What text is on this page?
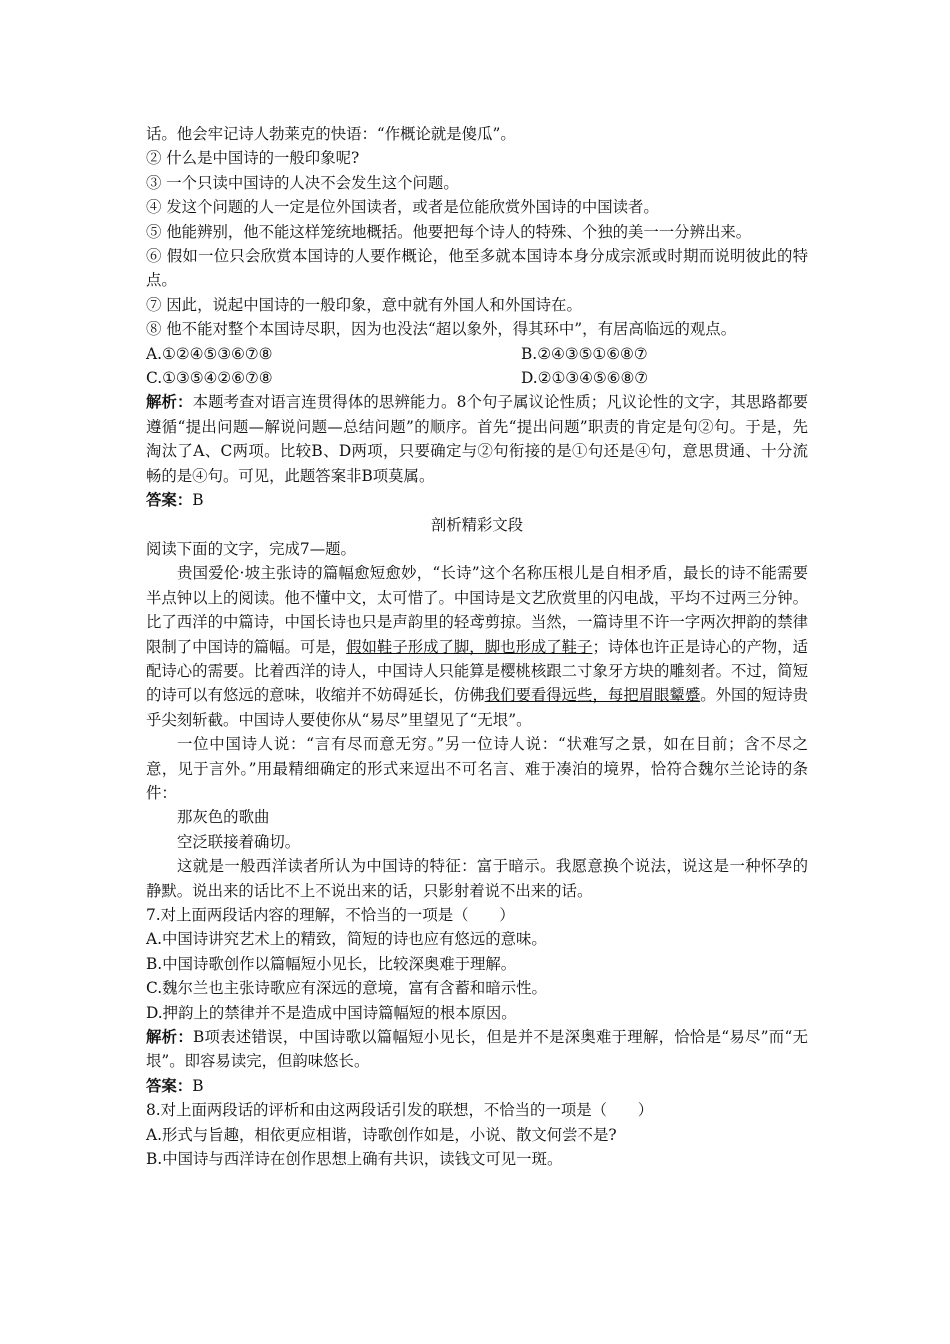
话。他会牢记诗人勃莱克的快语：“作概论就是傻瓜”。

② 什么是中国诗的一般印象呢?

③ 一个只读中国诗的人决不会发生这个问题。

④ 发这个问题的人一定是位外国读者，或者是位能欣赏外国诗的中国读者。

⑤ 他能辨别，他不能这样笼统地概括。他要把每个诗人的特殊、个独的美一一分辨出来。

⑥ 假如一位只会欣赏本国诗的人要作概论，他至多就本国诗本身分成宗派或时期而说明彼此的特点。

⑦ 因此，说起中国诗的一般印象，意中就有外国人和外国诗在。

⑧ 他不能对整个本国诗尽职，因为也没法“超以象外，得其环中”，有居高临远的观点。

A.①②④⑤③⑥⑦⑧	B.②④③⑤①⑥⑧⑦
C.①③⑤④②⑥⑦⑧	D.②①③④⑤⑥⑧⑦

解析：本题考查对语言连贯得体的思辨能力。8个句子属议论性质；凡议论性的文字，其思路都要遵循“提出问题—解说问题—总结问题”的顺序。首先“提出问题”职责的肯定是句②句。于是，先淘汰了A、C两项。比较B、D两项，只要确定与②句衔接的是①句还是④句，意思贯通、十分流畅的是④句。可见，此题答案非B项莫属。

答案：B

剖析精彩文段

阅读下面的文字，完成7—题。

贵国爱伦·坡主张诗的篇幅愈短愈妙，“长诗”这个名称压根儿是自相矛盾，最长的诗不能需要半点钟以上的阅读。他不懂中文，太可惜了。中国诗是文艺欣赏里的闪电战，平均不过两三分钟。比了西洋的中篇诗，中国长诗也只是声韵里的轻鸢剪掠。当然，一篇诗里不许一字两次押韵的禁律限制了中国诗的篇幅。可是，假如鞋子形成了脚，脚也形成了鞋子；诗体也许正是诗心的产物，适配诗心的需要。比着西洋的诗人，中国诗人只能算是樱桃核跟二寸象牙方块的雕刻者。不过，简短的诗可以有悠远的意味，收缩并不妨碍延长，仿佛我们要看得远些，每把眉眼颦蹙。外国的短诗贵乎尖刻斩截。中国诗人要使你从“易尽”里望见了“无垠”。

一位中国诗人说：“言有尽而意无穷。”另一位诗人说：“状难写之景，如在目前；含不尽之意，见于言外。”用最精细确定的形式来逗出不可名言、难于凑泊的境界，恰符合魏尔兰论诗的条件：

那灰色的歌曲

空泛联接着确切。

这就是一般西洋读者所认为中国诗的特征：富于暗示。我愿意换个说法，说这是一种怀孕的静默。说出来的话比不上不说出来的话，只影射着说不出来的话。

7.对上面两段话内容的理解，不恰当的一项是（　　）

A.中国诗讲究艺术上的精致，简短的诗也应有悠远的意味。

B.中国诗歌创作以篇幅短小见长，比较深奥难于理解。

C.魏尔兰也主张诗歌应有深远的意境，富有含蓄和暗示性。

D.押韵上的禁律并不是造成中国诗篇幅短的根本原因。

解析：B项表述错误，中国诗歌以篇幅短小见长，但是并不是深奥难于理解，恰恰是“易尽”而“无垠”。即容易读完，但韵味悠长。

答案：B

8.对上面两段话的评析和由这两段话引发的联想，不恰当的一项是（　　）

A.形式与旨趣，相依更应相谐，诗歌创作如是，小说、散文何尝不是?

B.中国诗与西洋诗在创作思想上确有共识，读钱文可见一斑。
